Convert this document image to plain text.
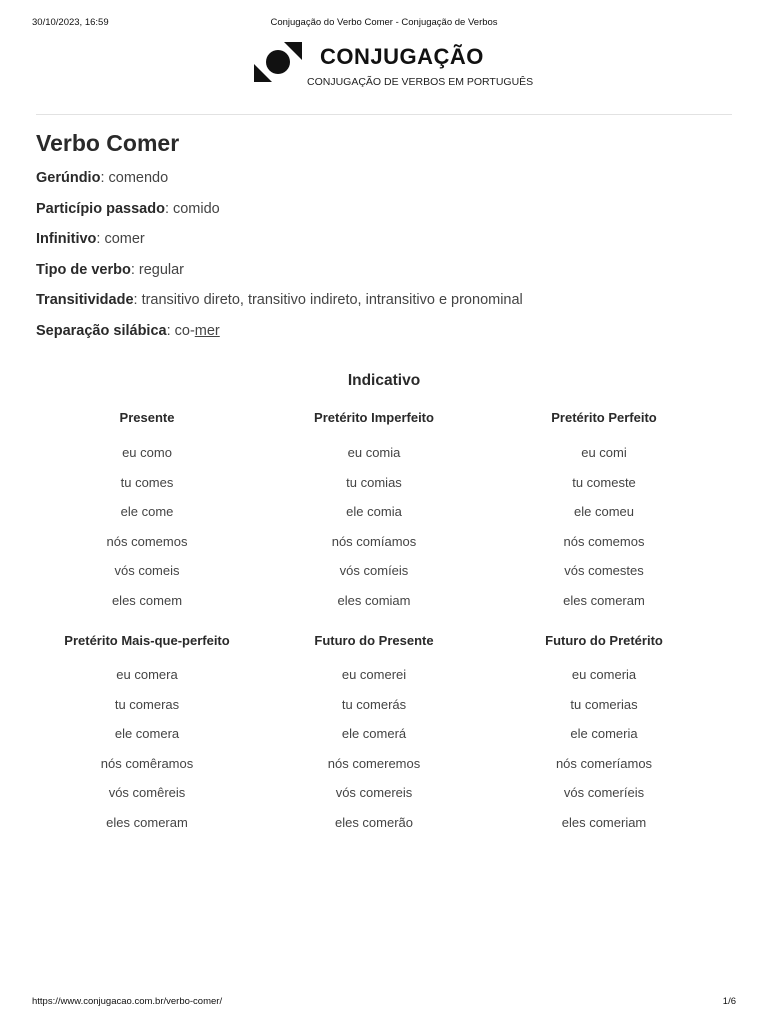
30/10/2023, 16:59	Conjugação do Verbo Comer - Conjugação de Verbos
CONJUGAÇÃO
CONJUGAÇÃO DE VERBOS EM PORTUGUÊS
Verbo Comer
Gerúndio: comendo
Particípio passado: comido
Infinitivo: comer
Tipo de verbo: regular
Transitividade: transitivo direto, transitivo indireto, intransitivo e pronominal
Separação silábica: co-mer
Indicativo
Presente
eu como
tu comes
ele come
nós comemos
vós comeis
eles comem
Pretérito Imperfeito
eu comia
tu comias
ele comia
nós comíamos
vós comíeis
eles comiam
Pretérito Perfeito
eu comi
tu comeste
ele comeu
nós comemos
vós comestes
eles comeram
Pretérito Mais-que-perfeito
eu comera
tu comeras
ele comera
nós comêramos
vós comêreis
eles comeram
Futuro do Presente
eu comerei
tu comerás
ele comerá
nós comeremos
vós comereis
eles comerão
Futuro do Pretérito
eu comeria
tu comerias
ele comeria
nós comeríamos
vós comeríeis
eles comeriam
https://www.conjugacao.com.br/verbo-comer/	1/6
